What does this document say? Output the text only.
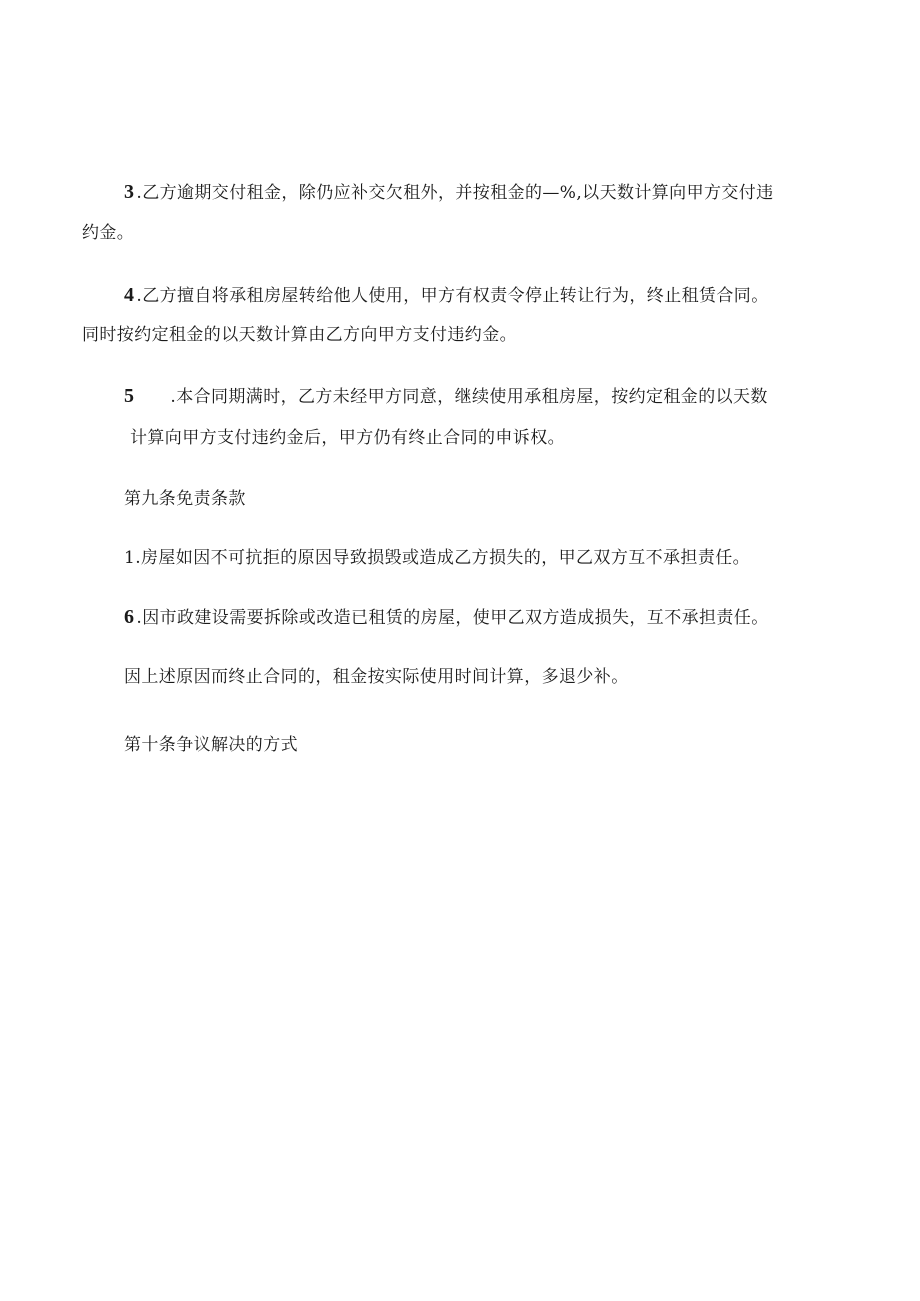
3 .乙方逾期交付租金，除仍应补交欠租外，并按租金的—%,以天数计算向甲方交付违
约金。
4 .乙方擅自将承租房屋转给他人使用，甲方有权责令停止转让行为，终止租赁合同。
同时按约定租金的以天数计算由乙方向甲方支付违约金。
5 .本合同期满时，乙方未经甲方同意，继续使用承租房屋，按约定租金的以天数
计算向甲方支付违约金后，甲方仍有终止合同的申诉权。
第九条免责条款
1.房屋如因不可抗拒的原因导致损毁或造成乙方损失的，甲乙双方互不承担责任。
6 .因市政建设需要拆除或改造已租赁的房屋，使甲乙双方造成损失，互不承担责任。
因上述原因而终止合同的，租金按实际使用时间计算，多退少补。
第十条争议解决的方式
